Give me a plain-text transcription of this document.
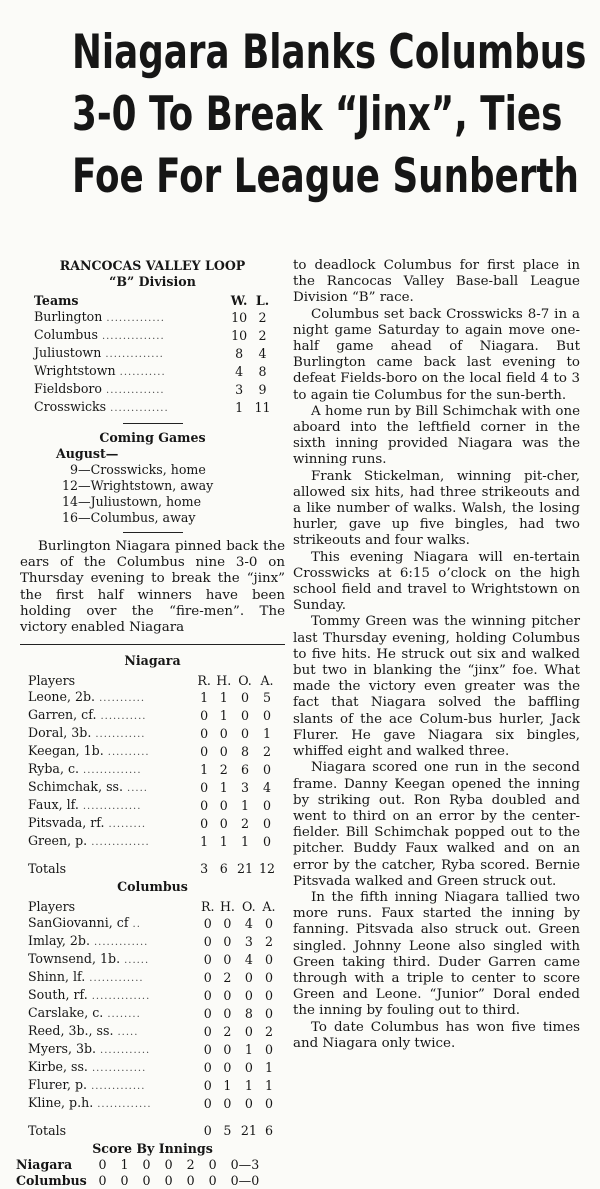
Niagara Blanks Columbus
3-0 To Break “Jinx”, Ties
Foe For League Sunberth
RANCOCAS VALLEY LOOP
“B” Division
Teams	W.	L.
Burlington ..............	10	2
Columbus ...............	10	2
Juliustown ..............	8	4
Wrightstown ...........	4	8
Fieldsboro ..............	3	9
Crosswicks ..............	1	11
Coming Games
August—
9—Crosswicks, home
12—Wrightstown, away
14—Juliustown, home
16—Columbus, away

Burlington Niagara pinned back the ears of the Columbus nine 3-0 on Thursday evening to break the “jinx” the first half winners have been holding over the “fire-men”. The victory enabled Niagara

Niagara
Players	R.	H.	O.	A.
Leone, 2b. ...........	1	1	0	5
Garren, cf. ...........	0	1	0	0
Doral, 3b. ............	0	0	0	1
Keegan, 1b. ..........	0	0	8	2
Ryba, c. ..............	1	2	6	0
Schimchak, ss. .....	0	1	3	4
Faux, lf. ..............	0	0	1	0
Pitsvada, rf. .........	0	0	2	0
Green, p. ..............	1	1	1	0

Totals	3	6	21	12
Columbus
Players	R.	H.	O.	A.
SanGiovanni, cf ..	0	0	4	0
Imlay, 2b. .............	0	0	3	2
Townsend, 1b. ......	0	0	4	0
Shinn, lf. .............	0	2	0	0
South, rf. ..............	0	0	0	0
Carslake, c. ........	0	0	8	0
Reed, 3b., ss. .....	0	2	0	2
Myers, 3b. ............	0	0	1	0
Kirbe, ss. .............	0	0	0	1
Flurer, p. .............	0	1	1	1
Kline, p.h. .............	0	0	0	0

Totals	0	5	21	6
Score By Innings
Niagara	0 1 0 0 2 0 0—3
Columbus	0 0 0 0 0 0 0—0

to deadlock Columbus for first place in the Rancocas Valley Base-ball League Division “B” race.

Columbus set back Crosswicks 8-7 in a night game Saturday to again move one-half game ahead of Niagara. But Burlington came back last evening to defeat Fields-boro on the local field 4 to 3 to again tie Columbus for the sun-berth.

A home run by Bill Schimchak with one aboard into the leftfield corner in the sixth inning provided Niagara was the winning runs.

Frank Stickelman, winning pit-cher, allowed six hits, had three strikeouts and a like number of walks. Walsh, the losing hurler, gave up five bingles, had two strikeouts and four walks.

This evening Niagara will en-tertain Crosswicks at 6:15 o’clock on the high school field and travel to Wrightstown on Sunday.

Tommy Green was the winning pitcher last Thursday evening, holding Columbus to five hits. He struck out six and walked but two in blanking the “jinx” foe. What made the victory even greater was the fact that Niagara solved the baffling slants of the ace Colum-bus hurler, Jack Flurer. He gave Niagara six bingles, whiffed eight and walked three.

Niagara scored one run in the second frame. Danny Keegan opened the inning by striking out. Ron Ryba doubled and went to third on an error by the center-fielder. Bill Schimchak popped out to the pitcher. Buddy Faux walked and on an error by the catcher, Ryba scored. Bernie Pitsvada walked and Green struck out.

In the fifth inning Niagara tallied two more runs. Faux started the inning by fanning. Pitsvada also struck out. Green singled. Johnny Leone also singled with Green taking third. Duder Garren came through with a triple to center to score Green and Leone. “Junior” Doral ended the inning by fouling out to third.

To date Columbus has won five times and Niagara only twice.
